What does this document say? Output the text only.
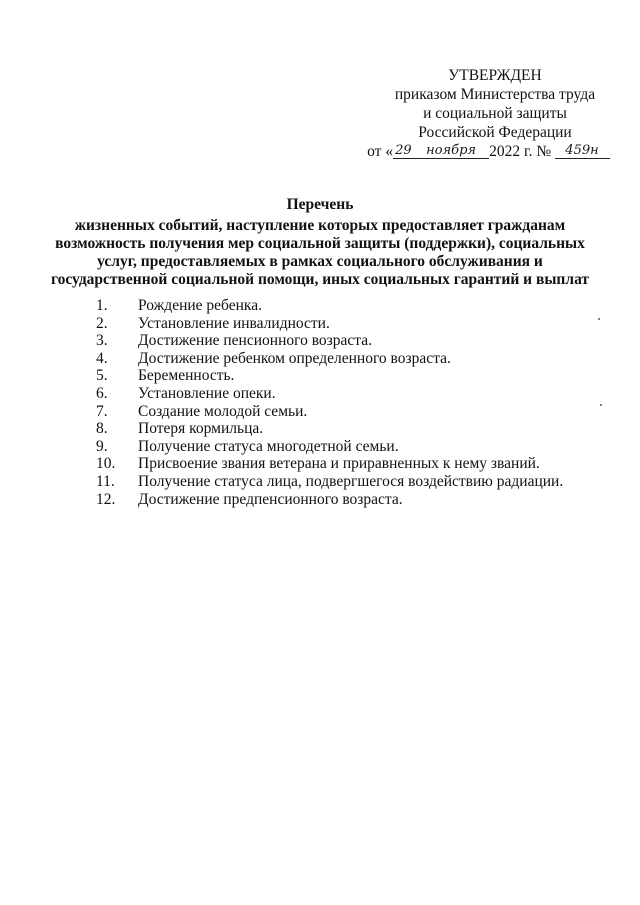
УТВЕРЖДЕН
приказом Министерства труда
и социальной защиты
Российской Федерации
от « 29 ноября 2022 г. № 459н
Перечень
жизненных событий, наступление которых предоставляет гражданам
возможность получения мер социальной защиты (поддержки), социальных
услуг, предоставляемых в рамках социального обслуживания и
государственной социальной помощи, иных социальных гарантий и выплат
1.	Рождение ребенка.
2.	Установление инвалидности.
3.	Достижение пенсионного возраста.
4.	Достижение ребенком определенного возраста.
5.	Беременность.
6.	Установление опеки.
7.	Создание молодой семьи.
8.	Потеря кормильца.
9.	Получение статуса многодетной семьи.
10.	Присвоение звания ветерана и приравненных к нему званий.
11.	Получение статуса лица, подвергшегося воздействию радиации.
12.	Достижение предпенсионного возраста.
